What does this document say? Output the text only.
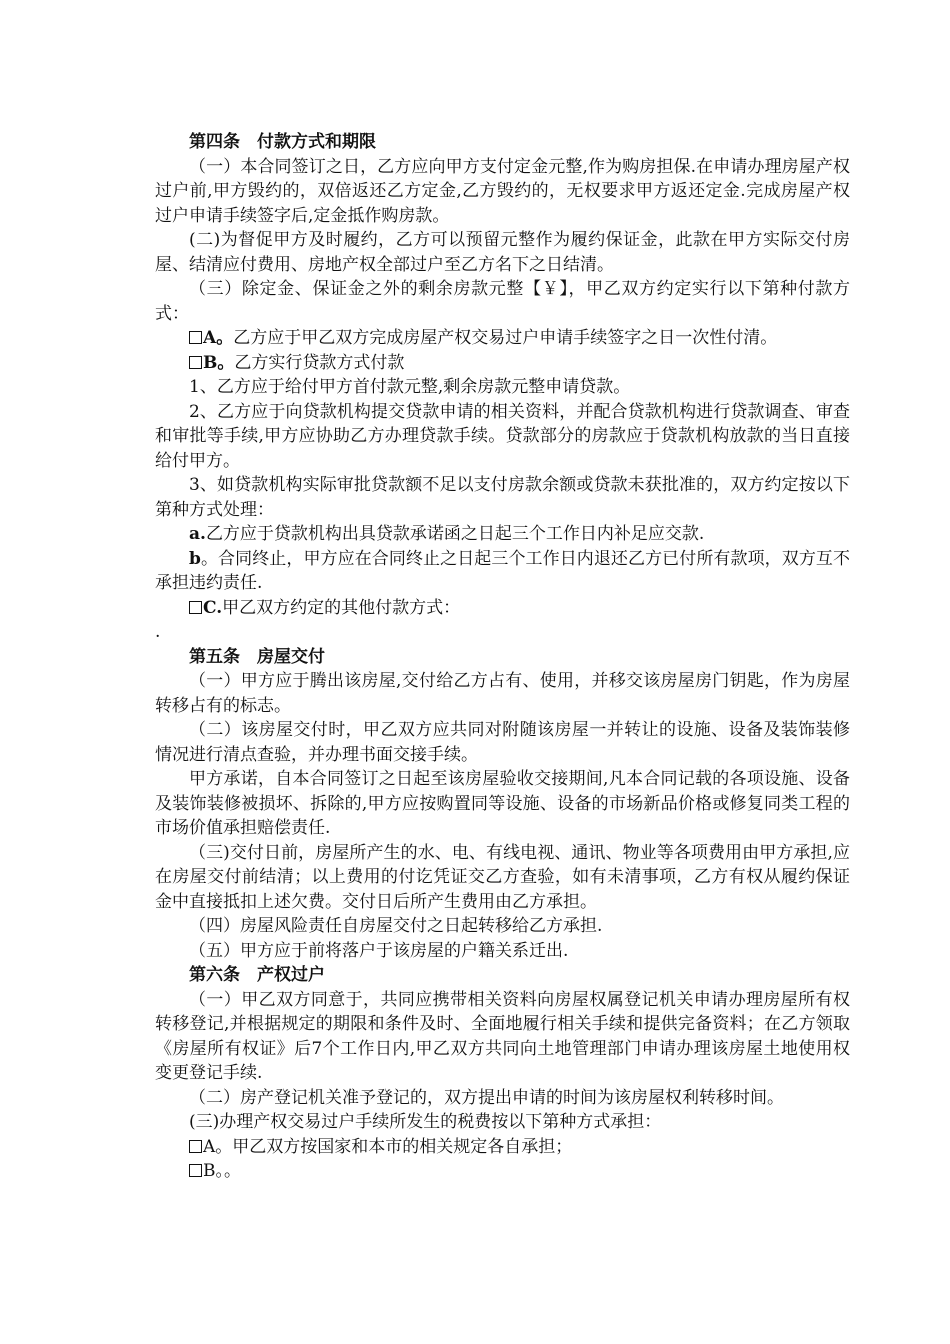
第四条　付款方式和期限

（一）本合同签订之日，乙方应向甲方支付定金元整,作为购房担保.在申请办理房屋产权过户前,甲方毁约的，双倍返还乙方定金,乙方毁约的，无权要求甲方返还定金.完成房屋产权过户申请手续签字后,定金抵作购房款。

(二)为督促甲方及时履约，乙方可以预留元整作为履约保证金，此款在甲方实际交付房屋、结清应付费用、房地产权全部过户至乙方名下之日结清。

（三）除定金、保证金之外的剩余房款元整【￥】，甲乙双方约定实行以下第种付款方式：

A。乙方应于甲乙双方完成房屋产权交易过户申请手续签字之日一次性付清。

B。乙方实行贷款方式付款

1、乙方应于给付甲方首付款元整,剩余房款元整申请贷款。

2、乙方应于向贷款机构提交贷款申请的相关资料，并配合贷款机构进行贷款调查、审查和审批等手续,甲方应协助乙方办理贷款手续。贷款部分的房款应于贷款机构放款的当日直接给付甲方。

3、如贷款机构实际审批贷款额不足以支付房款余额或贷款未获批准的，双方约定按以下第种方式处理：

a.乙方应于贷款机构出具贷款承诺函之日起三个工作日内补足应交款.

b。合同终止，甲方应在合同终止之日起三个工作日内退还乙方已付所有款项，双方互不承担违约责任.

C.甲乙双方约定的其他付款方式：

.

第五条　房屋交付

（一）甲方应于腾出该房屋,交付给乙方占有、使用，并移交该房屋房门钥匙，作为房屋转移占有的标志。

（二）该房屋交付时，甲乙双方应共同对附随该房屋一并转让的设施、设备及装饰装修情况进行清点查验，并办理书面交接手续。

甲方承诺，自本合同签订之日起至该房屋验收交接期间,凡本合同记载的各项设施、设备及装饰装修被损坏、拆除的,甲方应按购置同等设施、设备的市场新品价格或修复同类工程的市场价值承担赔偿责任.

（三)交付日前，房屋所产生的水、电、有线电视、通讯、物业等各项费用由甲方承担,应在房屋交付前结清；以上费用的付讫凭证交乙方查验，如有未清事项，乙方有权从履约保证金中直接抵扣上述欠费。交付日后所产生费用由乙方承担。

（四）房屋风险责任自房屋交付之日起转移给乙方承担.

（五）甲方应于前将落户于该房屋的户籍关系迁出.

第六条　产权过户

（一）甲乙双方同意于，共同应携带相关资料向房屋权属登记机关申请办理房屋所有权转移登记,并根据规定的期限和条件及时、全面地履行相关手续和提供完备资料；在乙方领取《房屋所有权证》后7个工作日内,甲乙双方共同向土地管理部门申请办理该房屋土地使用权变更登记手续.

（二）房产登记机关准予登记的，双方提出申请的时间为该房屋权利转移时间。

(三)办理产权交易过户手续所发生的税费按以下第种方式承担：

A。甲乙双方按国家和本市的相关规定各自承担；

B。。
